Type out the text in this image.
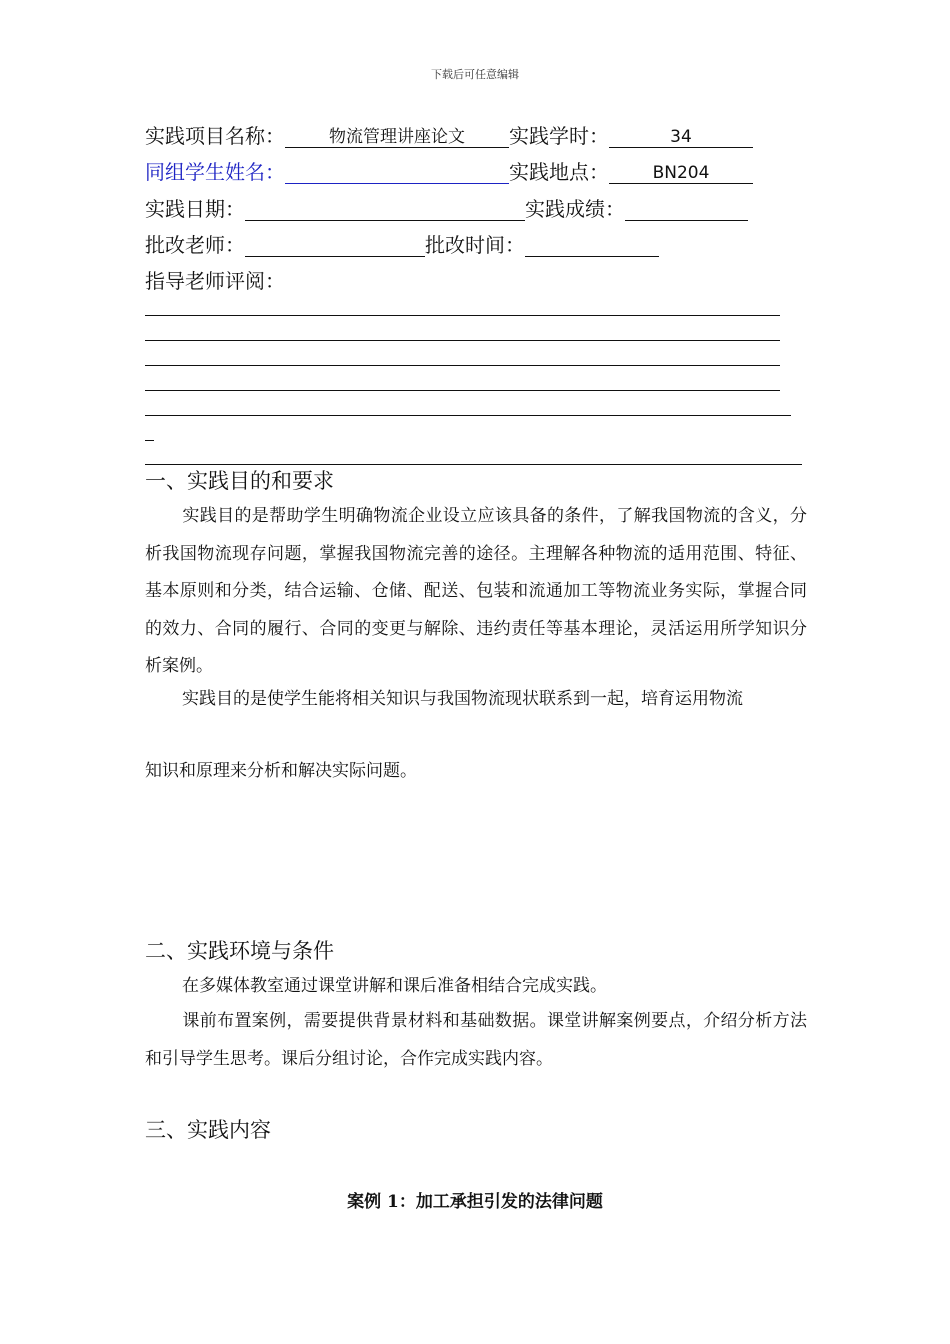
下载后可任意编辑
实践项目名称：	物流管理讲座论文 实践学时：	34
同组学生姓名：	实践地点：	BN204
实践日期：	实践成绩：
批改老师：	批改时间：
指导老师评阅：
一、实践目的和要求
实践目的是帮助学生明确物流企业设立应该具备的条件，了解我国物流的含义，分析我国物流现存问题，掌握我国物流完善的途径。主理解各种物流的适用范围、特征、基本原则和分类，结合运输、仓储、配送、包装和流通加工等物流业务实际，掌握合同的效力、合同的履行、合同的变更与解除、违约责任等基本理论，灵活运用所学知识分析案例。
实践目的是使学生能将相关知识与我国物流现状联系到一起，培育运用物流
知识和原理来分析和解决实际问题。
二、实践环境与条件
在多媒体教室通过课堂讲解和课后准备相结合完成实践。
课前布置案例，需要提供背景材料和基础数据。课堂讲解案例要点，介绍分析方法和引导学生思考。课后分组讨论，合作完成实践内容。
三、实践内容
案例 1：加工承担引发的法律问题
